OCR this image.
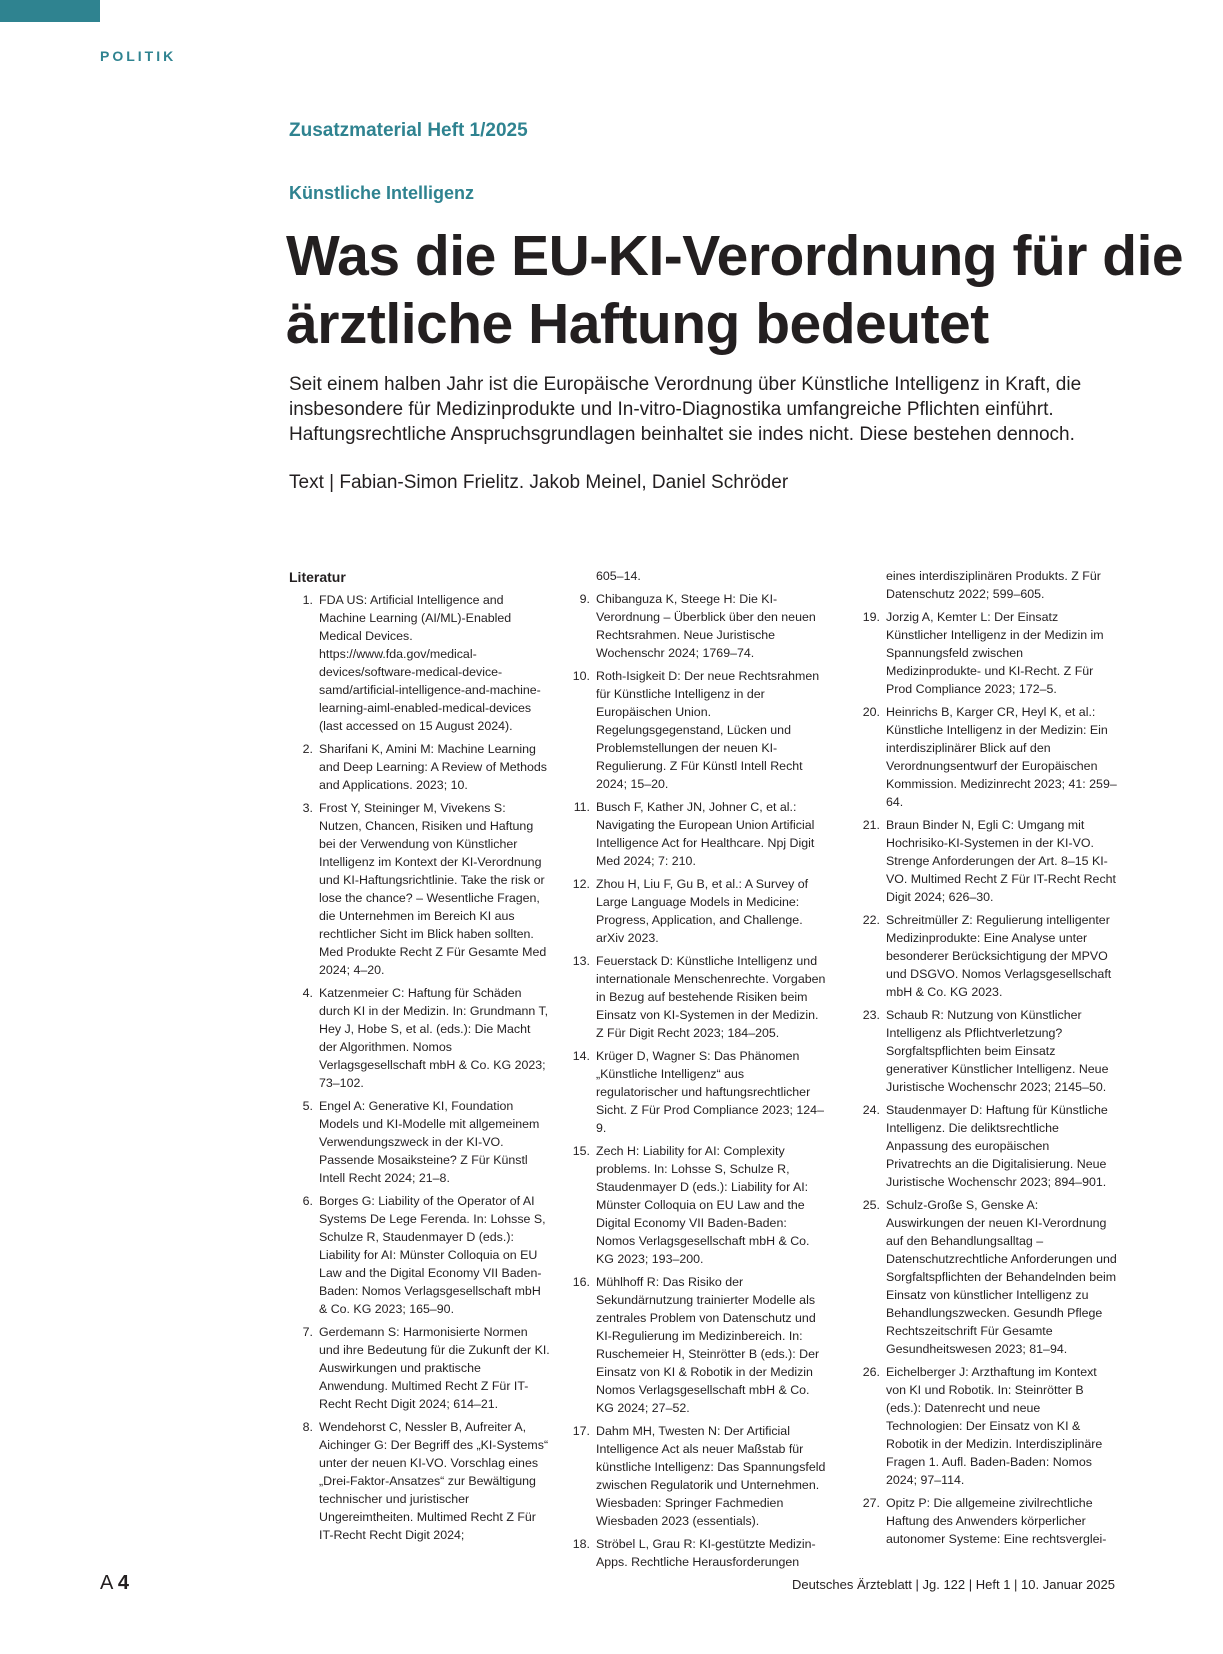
POLITIK
Zusatzmaterial Heft 1/2025
Künstliche Intelligenz
Was die EU-KI-Verordnung für die ärztliche Haftung bedeutet

Seit einem halben Jahr ist die Europäische Verordnung über Künstliche Intelligenz in Kraft, die insbesondere für Medizinprodukte und In-vitro-Diagnostika umfangreiche Pflichten einführt. Haftungsrechtliche Anspruchsgrundlagen beinhaltet sie indes nicht. Diese bestehen dennoch.

Text | Fabian-Simon Frielitz. Jakob Meinel, Daniel Schröder
Literatur
1. FDA US: Artificial Intelligence and Machine Learning (AI/ML)-Enabled Medical Devices. https://www.fda.gov/medical-devices/software-medical-device-samd/artificial-intelligence-and-machine-learning-aiml-enabled-medical-devices (last accessed on 15 August 2024).
2. Sharifani K, Amini M: Machine Learning and Deep Learning: A Review of Methods and Applications. 2023; 10.
3. Frost Y, Steininger M, Vivekens S: Nutzen, Chancen, Risiken und Haftung bei der Verwendung von Künstlicher Intelligenz im Kontext der KI-Verordnung und KI-Haftungsrichtlinie. Take the risk or lose the chance? – Wesentliche Fragen, die Unternehmen im Bereich KI aus rechtlicher Sicht im Blick haben sollten. Med Produkte Recht Z Für Gesamte Med 2024; 4–20.
4. Katzenmeier C: Haftung für Schäden durch KI in der Medizin. In: Grundmann T, Hey J, Hobe S, et al. (eds.): Die Macht der Algorithmen. Nomos Verlagsgesellschaft mbH & Co. KG 2023; 73–102.
5. Engel A: Generative KI, Foundation Models und KI-Modelle mit allgemeinem Verwendungszweck in der KI-VO. Passende Mosaiksteine? Z Für Künstl Intell Recht 2024; 21–8.
6. Borges G: Liability of the Operator of AI Systems De Lege Ferenda. In: Lohsse S, Schulze R, Staudenmayer D (eds.): Liability for AI: Münster Colloquia on EU Law and the Digital Economy VII Baden-Baden: Nomos Verlagsgesellschaft mbH & Co. KG 2023; 165–90.
7. Gerdemann S: Harmonisierte Normen und ihre Bedeutung für die Zukunft der KI. Auswirkungen und praktische Anwendung. Multimed Recht Z Für IT-Recht Recht Digit 2024; 614–21.
8. Wendehorst C, Nessler B, Aufreiter A, Aichinger G: Der Begriff des „KI-Systems“ unter der neuen KI-VO. Vorschlag eines „Drei-Faktor-Ansatzes“ zur Bewältigung technischer und juristischer Ungereimtheiten. Multimed Recht Z Für IT-Recht Recht Digit 2024;
605–14.
9. Chibanguza K, Steege H: Die KI-Verordnung – Überblick über den neuen Rechtsrahmen. Neue Juristische Wochenschr 2024; 1769–74.
10. Roth-Isigkeit D: Der neue Rechtsrahmen für Künstliche Intelligenz in der Europäischen Union. Regelungsgegenstand, Lücken und Problemstellungen der neuen KI-Regulierung. Z Für Künstl Intell Recht 2024; 15–20.
11. Busch F, Kather JN, Johner C, et al.: Navigating the European Union Artificial Intelligence Act for Healthcare. Npj Digit Med 2024; 7: 210.
12. Zhou H, Liu F, Gu B, et al.: A Survey of Large Language Models in Medicine: Progress, Application, and Challenge. arXiv 2023.
13. Feuerstack D: Künstliche Intelligenz und internationale Menschenrechte. Vorgaben in Bezug auf bestehende Risiken beim Einsatz von KI-Systemen in der Medizin. Z Für Digit Recht 2023; 184–205.
14. Krüger D, Wagner S: Das Phänomen „Künstliche Intelligenz“ aus regulatorischer und haftungsrechtlicher Sicht. Z Für Prod Compliance 2023; 124–9.
15. Zech H: Liability for AI: Complexity problems. In: Lohsse S, Schulze R, Staudenmayer D (eds.): Liability for AI: Münster Colloquia on EU Law and the Digital Economy VII Baden-Baden: Nomos Verlagsgesellschaft mbH & Co. KG 2023; 193–200.
16. Mühlhoff R: Das Risiko der Sekundärnutzung trainierter Modelle als zentrales Problem von Datenschutz und KI-Regulierung im Medizinbereich. In: Ruschemeier H, Steinrötter B (eds.): Der Einsatz von KI & Robotik in der Medizin Nomos Verlagsgesellschaft mbH & Co. KG 2024; 27–52.
17. Dahm MH, Twesten N: Der Artificial Intelligence Act als neuer Maßstab für künstliche Intelligenz: Das Spannungsfeld zwischen Regulatorik und Unternehmen. Wiesbaden: Springer Fachmedien Wiesbaden 2023 (essentials).
18. Ströbel L, Grau R: KI-gestützte Medizin-Apps. Rechtliche Herausforderungen
eines interdisziplinären Produkts. Z Für Datenschutz 2022; 599–605.
19. Jorzig A, Kemter L: Der Einsatz Künstlicher Intelligenz in der Medizin im Spannungsfeld zwischen Medizinprodukte- und KI-Recht. Z Für Prod Compliance 2023; 172–5.
20. Heinrichs B, Karger CR, Heyl K, et al.: Künstliche Intelligenz in der Medizin: Ein interdisziplinärer Blick auf den Verordnungsentwurf der Europäischen Kommission. Medizinrecht 2023; 41: 259–64.
21. Braun Binder N, Egli C: Umgang mit Hochrisiko-KI-Systemen in der KI-VO. Strenge Anforderungen der Art. 8–15 KI-VO. Multimed Recht Z Für IT-Recht Recht Digit 2024; 626–30.
22. Schreitmüller Z: Regulierung intelligenter Medizinprodukte: Eine Analyse unter besonderer Berücksichtigung der MPVO und DSGVO. Nomos Verlagsgesellschaft mbH & Co. KG 2023.
23. Schaub R: Nutzung von Künstlicher Intelligenz als Pflichtverletzung? Sorgfaltspflichten beim Einsatz generativer Künstlicher Intelligenz. Neue Juristische Wochenschr 2023; 2145–50.
24. Staudenmayer D: Haftung für Künstliche Intelligenz. Die deliktsrechtliche Anpassung des europäischen Privatrechts an die Digitalisierung. Neue Juristische Wochenschr 2023; 894–901.
25. Schulz-Große S, Genske A: Auswirkungen der neuen KI-Verordnung auf den Behandlungsalltag – Datenschutzrechtliche Anforderungen und Sorgfaltspflichten der Behandelnden beim Einsatz von künstlicher Intelligenz zu Behandlungszwecken. Gesundh Pflege Rechtszeitschrift Für Gesamte Gesundheitswesen 2023; 81–94.
26. Eichelberger J: Arzthaftung im Kontext von KI und Robotik. In: Steinrötter B (eds.): Datenrecht und neue Technologien: Der Einsatz von KI & Robotik in der Medizin. Interdisziplinäre Fragen 1. Aufl. Baden-Baden: Nomos 2024; 97–114.
27. Opitz P: Die allgemeine zivilrechtliche Haftung des Anwenders körperlicher autonomer Systeme: Eine rechtsverglei-
A 4	Deutsches Ärzteblatt | Jg. 122 | Heft 1 | 10. Januar 2025
